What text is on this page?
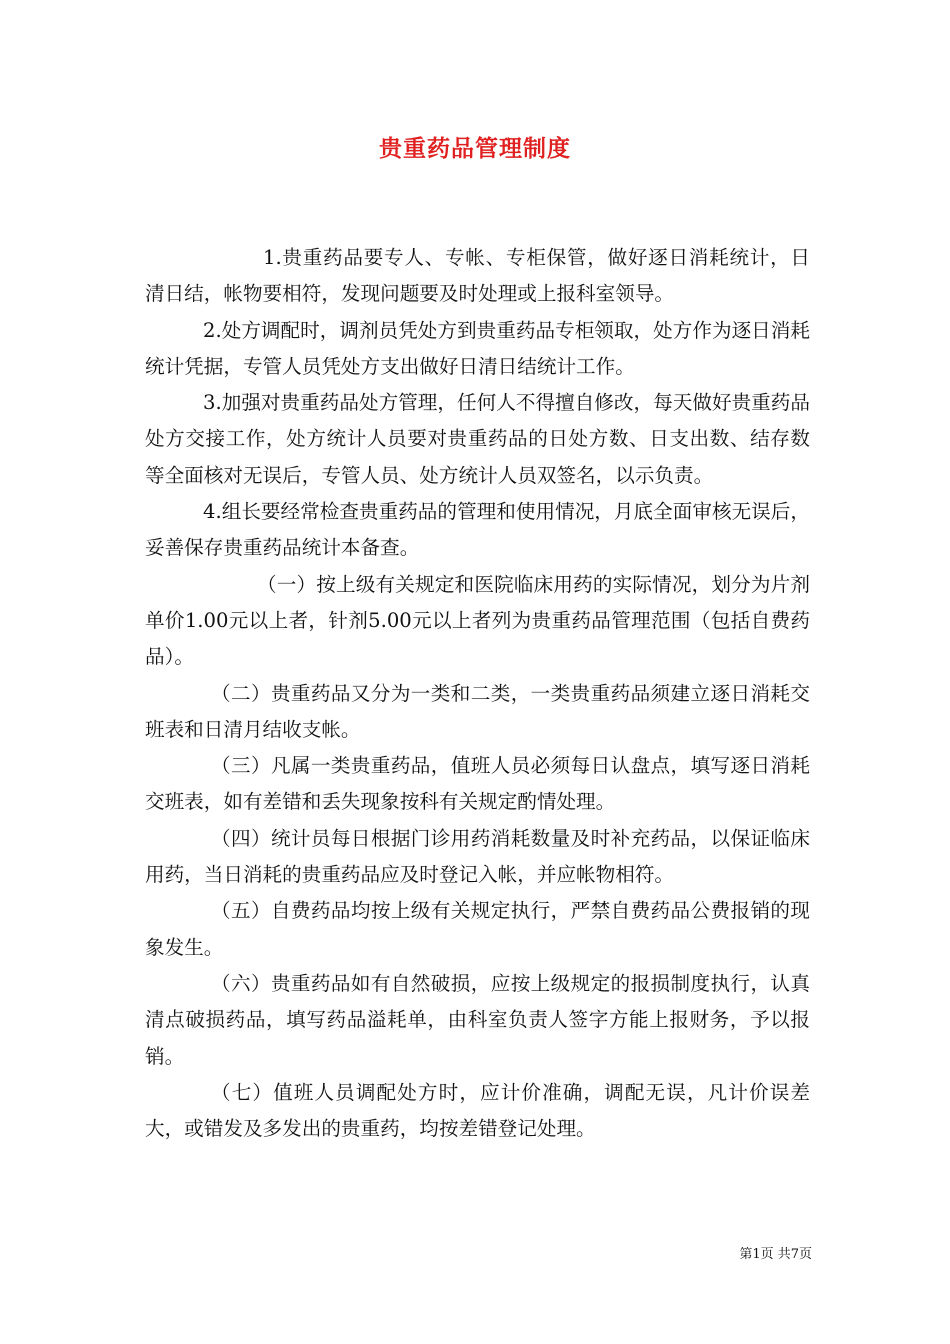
贵重药品管理制度

1.贵重药品要专人、专帐、专柜保管，做好逐日消耗统计，日清日结，帐物要相符，发现问题要及时处理或上报科室领导。

2.处方调配时，调剂员凭处方到贵重药品专柜领取，处方作为逐日消耗统计凭据，专管人员凭处方支出做好日清日结统计工作。

3.加强对贵重药品处方管理，任何人不得擅自修改，每天做好贵重药品处方交接工作，处方统计人员要对贵重药品的日处方数、日支出数、结存数等全面核对无误后，专管人员、处方统计人员双签名，以示负责。

4.组长要经常检查贵重药品的管理和使用情况，月底全面审核无误后，妥善保存贵重药品统计本备查。

（一）按上级有关规定和医院临床用药的实际情况，划分为片剂单价1.00元以上者，针剂5.00元以上者列为贵重药品管理范围（包括自费药品）。

（二）贵重药品又分为一类和二类，一类贵重药品须建立逐日消耗交班表和日清月结收支帐。

（三）凡属一类贵重药品，值班人员必须每日认盘点，填写逐日消耗交班表，如有差错和丢失现象按科有关规定酌情处理。

（四）统计员每日根据门诊用药消耗数量及时补充药品，以保证临床用药，当日消耗的贵重药品应及时登记入帐，并应帐物相符。

（五）自费药品均按上级有关规定执行，严禁自费药品公费报销的现象发生。

（六）贵重药品如有自然破损，应按上级规定的报损制度执行，认真清点破损药品，填写药品溢耗单，由科室负责人签字方能上报财务，予以报销。

（七）值班人员调配处方时，应计价准确，调配无误，凡计价误差大，或错发及多发出的贵重药，均按差错登记处理。

第1页 共7页
